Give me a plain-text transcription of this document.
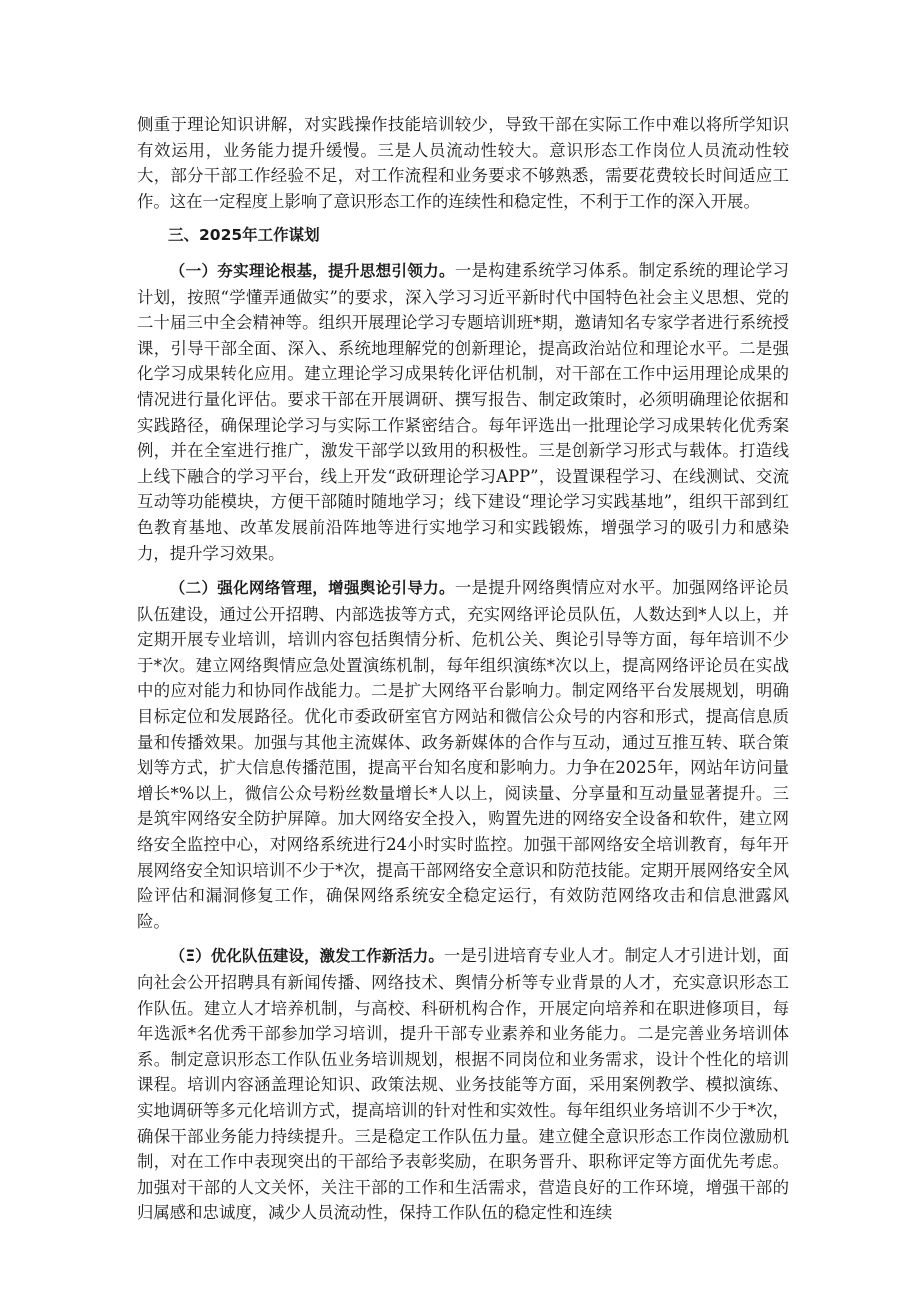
侧重于理论知识讲解，对实践操作技能培训较少，导致干部在实际工作中难以将所学知识有效运用，业务能力提升缓慢。三是人员流动性较大。意识形态工作岗位人员流动性较大，部分干部工作经验不足，对工作流程和业务要求不够熟悉，需要花费较长时间适应工作。这在一定程度上影响了意识形态工作的连续性和稳定性，不利于工作的深入开展。

三、2025年工作谋划

（一）夯实理论根基，提升思想引领力。一是构建系统学习体系。制定系统的理论学习计划，按照“学懂弄通做实”的要求，深入学习习近平新时代中国特色社会主义思想、党的二十届三中全会精神等。组织开展理论学习专题培训班*期，邀请知名专家学者进行系统授课，引导干部全面、深入、系统地理解党的创新理论，提高政治站位和理论水平。二是强化学习成果转化应用。建立理论学习成果转化评估机制，对干部在工作中运用理论成果的情况进行量化评估。要求干部在开展调研、撰写报告、制定政策时，必须明确理论依据和实践路径，确保理论学习与实际工作紧密结合。每年评选出一批理论学习成果转化优秀案例，并在全室进行推广，激发干部学以致用的积极性。三是创新学习形式与载体。打造线上线下融合的学习平台，线上开发“政研理论学习APP”，设置课程学习、在线测试、交流互动等功能模块，方便干部随时随地学习；线下建设“理论学习实践基地”，组织干部到红色教育基地、改革发展前沿阵地等进行实地学习和实践锻炼，增强学习的吸引力和感染力，提升学习效果。

（二）强化网络管理，增强舆论引导力。一是提升网络舆情应对水平。加强网络评论员队伍建设，通过公开招聘、内部选拔等方式，充实网络评论员队伍，人数达到*人以上，并定期开展专业培训，培训内容包括舆情分析、危机公关、舆论引导等方面，每年培训不少于*次。建立网络舆情应急处置演练机制，每年组织演练*次以上，提高网络评论员在实战中的应对能力和协同作战能力。二是扩大网络平台影响力。制定网络平台发展规划，明确目标定位和发展路径。优化市委政研室官方网站和微信公众号的内容和形式，提高信息质量和传播效果。加强与其他主流媒体、政务新媒体的合作与互动，通过互推互转、联合策划等方式，扩大信息传播范围，提高平台知名度和影响力。力争在2025年，网站年访问量增长*%以上，微信公众号粉丝数量增长*人以上，阅读量、分享量和互动量显著提升。三是筑牢网络安全防护屏障。加大网络安全投入，购置先进的网络安全设备和软件，建立网络安全监控中心，对网络系统进行24小时实时监控。加强干部网络安全培训教育，每年开展网络安全知识培训不少于*次，提高干部网络安全意识和防范技能。定期开展网络安全风险评估和漏洞修复工作，确保网络系统安全稳定运行，有效防范网络攻击和信息泄露风险。

（Ξ）优化队伍建设，激发工作新活力。一是引进培育专业人才。制定人才引进计划，面向社会公开招聘具有新闻传播、网络技术、舆情分析等专业背景的人才，充实意识形态工作队伍。建立人才培养机制，与高校、科研机构合作，开展定向培养和在职进修项目，每年选派*名优秀干部参加学习培训，提升干部专业素养和业务能力。二是完善业务培训体系。制定意识形态工作队伍业务培训规划，根据不同岗位和业务需求，设计个性化的培训课程。培训内容涵盖理论知识、政策法规、业务技能等方面，采用案例教学、模拟演练、实地调研等多元化培训方式，提高培训的针对性和实效性。每年组织业务培训不少于*次，确保干部业务能力持续提升。三是稳定工作队伍力量。建立健全意识形态工作岗位激励机制，对在工作中表现突出的干部给予表彰奖励，在职务晋升、职称评定等方面优先考虑。加强对干部的人文关怀，关注干部的工作和生活需求，营造良好的工作环境，增强干部的归属感和忠诚度，减少人员流动性，保持工作队伍的稳定性和连续
